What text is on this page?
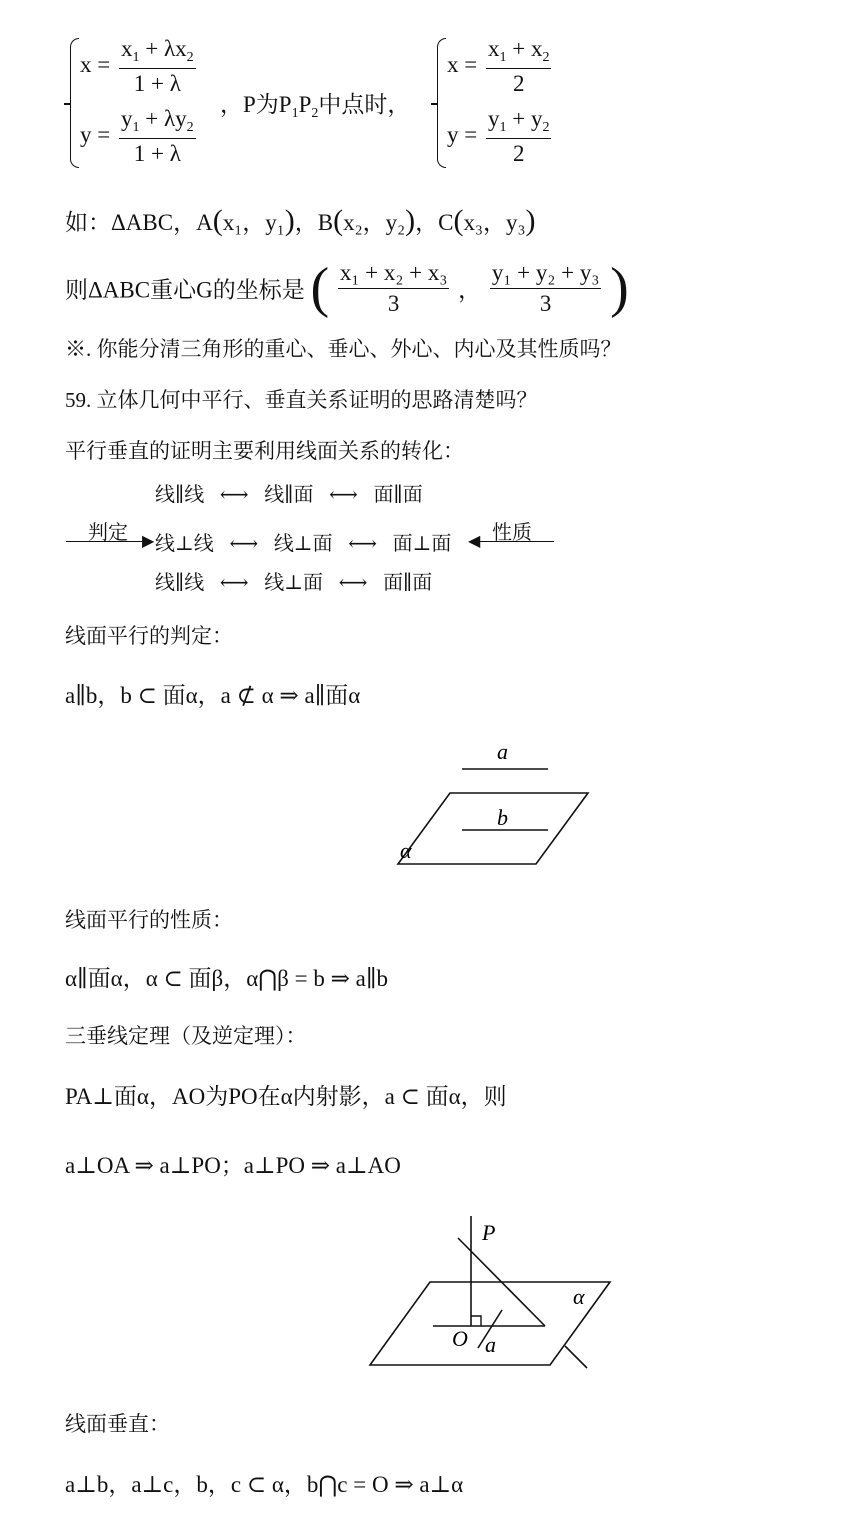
$x = \frac{x_1 + \lambda x_2}{1 + \lambda}$
$y = \frac{y_1 + \lambda y_2}{1 + \lambda}$
，P为$P_1P_2$中点时，
$x = \frac{x_1 + x_2}{2}$
$y = \frac{y_1 + y_2}{2}$
如：ΔABC，A(x₁，y₁)，B(x₂，y₂)，C(x₃，y₃)
则ΔABC重心G的坐标是 ( $\frac{\text{x₁ + x₂ + x₃}}{3}$ ， $\frac{\text{y₁ + y₂ + y₃}}{3}$ )
※. 你能分清三角形的重心、垂心、外心、内心及其性质吗？
59. 立体几何中平行、垂直关系证明的思路清楚吗？
平行垂直的证明主要利用线面关系的转化：
线∥线 ⟷ 线∥面 ⟷ 面∥面
判定 ▶ 线⊥线 ⟷ 线⊥面 ⟷ 面⊥面 ◀ 性质
线∥线 ⟷ 线⊥面 ⟷ 面∥面
线面平行的判定：
a∥b，b ⊂ 面α，a ⊄ α ⇒ a∥面α
a
b
α
线面平行的性质：
α∥面α，α ⊂ 面β，α⋂β = b ⇒ a∥b
三垂线定理（及逆定理）：
PA⊥面α，AO为PO在α内射影，a ⊂ 面α，则
a⊥OA ⇒ a⊥PO；a⊥PO ⇒ a⊥AO
P
O a
α
线面垂直：
a⊥b，a⊥c，b，c ⊂ α，b⋂c = O ⇒ a⊥α
